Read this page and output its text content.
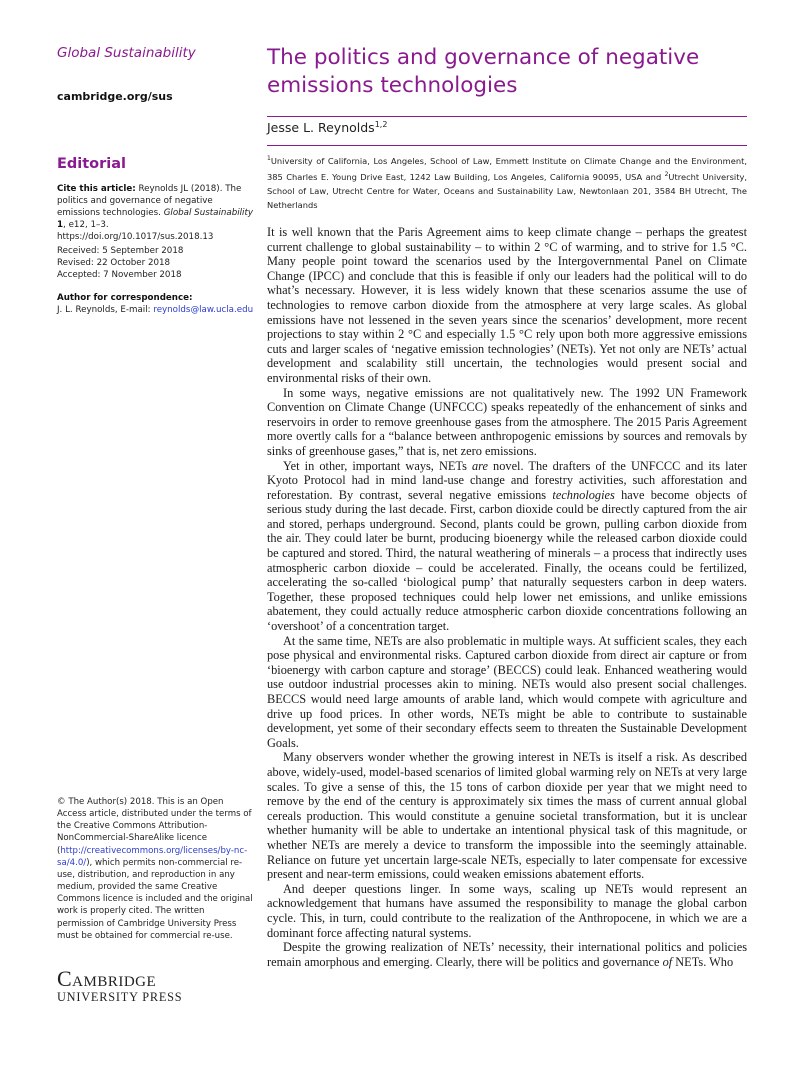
Global Sustainability
cambridge.org/sus
Editorial
Cite this article: Reynolds JL (2018). The politics and governance of negative emissions technologies. Global Sustainability 1, e12, 1–3. https://doi.org/10.1017/sus.2018.13
Received: 5 September 2018
Revised: 22 October 2018
Accepted: 7 November 2018
Author for correspondence:
J. L. Reynolds, E-mail: reynolds@law.ucla.edu
© The Author(s) 2018. This is an Open Access article, distributed under the terms of the Creative Commons Attribution-NonCommercial-ShareAlike licence (http://creativecommons.org/licenses/by-nc-sa/4.0/), which permits non-commercial re-use, distribution, and reproduction in any medium, provided the same Creative Commons licence is included and the original work is properly cited. The written permission of Cambridge University Press must be obtained for commercial re-use.
Cambridge
UNIVERSITY PRESS
The politics and governance of negative emissions technologies
Jesse L. Reynolds$^{1,2}$
$^1$University of California, Los Angeles, School of Law, Emmett Institute on Climate Change and the Environment, 385 Charles E. Young Drive East, 1242 Law Building, Los Angeles, California 90095, USA and $^2$Utrecht University, School of Law, Utrecht Centre for Water, Oceans and Sustainability Law, Newtonlaan 201, 3584 BH Utrecht, The Netherlands

It is well known that the Paris Agreement aims to keep climate change – perhaps the greatest current challenge to global sustainability – to within 2 °C of warming, and to strive for 1.5 °C. Many people point toward the scenarios used by the Intergovernmental Panel on Climate Change (IPCC) and conclude that this is feasible if only our leaders had the political will to do what’s necessary. However, it is less widely known that these scenarios assume the use of technologies to remove carbon dioxide from the atmosphere at very large scales. As global emissions have not lessened in the seven years since the scenarios’ development, more recent projections to stay within 2 °C and especially 1.5 °C rely upon both more aggressive emissions cuts and larger scales of ‘negative emission technologies’ (NETs). Yet not only are NETs’ actual development and scalability still uncertain, the technologies would present social and environmental risks of their own.

In some ways, negative emissions are not qualitatively new. The 1992 UN Framework Convention on Climate Change (UNFCCC) speaks repeatedly of the enhancement of sinks and reservoirs in order to remove greenhouse gases from the atmosphere. The 2015 Paris Agreement more overtly calls for a “balance between anthropogenic emissions by sources and removals by sinks of greenhouse gases,” that is, net zero emissions.

Yet in other, important ways, NETs are novel. The drafters of the UNFCCC and its later Kyoto Protocol had in mind land-use change and forestry activities, such afforestation and reforestation. By contrast, several negative emissions technologies have become objects of serious study during the last decade. First, carbon dioxide could be directly captured from the air and stored, perhaps underground. Second, plants could be grown, pulling carbon dioxide from the air. They could later be burnt, producing bioenergy while the released carbon dioxide could be captured and stored. Third, the natural weathering of minerals – a process that indirectly uses atmospheric carbon dioxide – could be accelerated. Finally, the oceans could be fertilized, accelerating the so-called ‘biological pump’ that naturally sequesters carbon in deep waters. Together, these proposed techniques could help lower net emissions, and unlike emissions abatement, they could actually reduce atmospheric carbon dioxide concentrations following an ‘overshoot’ of a concentration target.

At the same time, NETs are also problematic in multiple ways. At sufficient scales, they each pose physical and environmental risks. Captured carbon dioxide from direct air capture or from ‘bioenergy with carbon capture and storage’ (BECCS) could leak. Enhanced weathering would use outdoor industrial processes akin to mining. NETs would also present social challenges. BECCS would need large amounts of arable land, which would compete with agriculture and drive up food prices. In other words, NETs might be able to contribute to sustainable development, yet some of their secondary effects seem to threaten the Sustainable Development Goals.

Many observers wonder whether the growing interest in NETs is itself a risk. As described above, widely-used, model-based scenarios of limited global warming rely on NETs at very large scales. To give a sense of this, the 15 tons of carbon dioxide per year that we might need to remove by the end of the century is approximately six times the mass of current annual global cereals production. This would constitute a genuine societal transformation, but it is unclear whether humanity will be able to undertake an intentional physical task of this magnitude, or whether NETs are merely a device to transform the impossible into the seemingly attainable. Reliance on future yet uncertain large-scale NETs, especially to later compensate for excessive present and near-term emissions, could weaken emissions abatement efforts.

And deeper questions linger. In some ways, scaling up NETs would represent an acknowledgement that humans have assumed the responsibility to manage the global carbon cycle. This, in turn, could contribute to the realization of the Anthropocene, in which we are a dominant force affecting natural systems.

Despite the growing realization of NETs’ necessity, their international politics and policies remain amorphous and emerging. Clearly, there will be politics and governance of NETs. Who
